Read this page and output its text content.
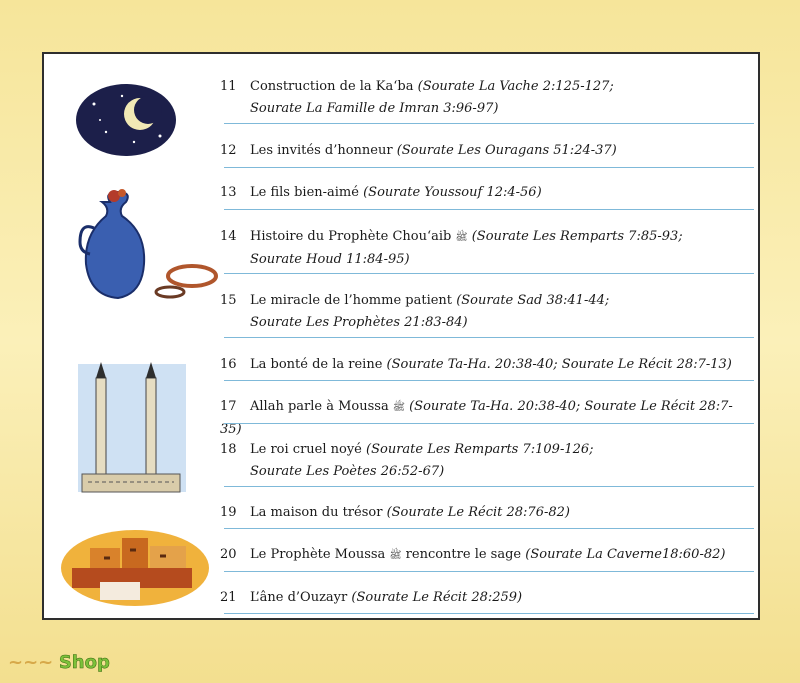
11 Construction de la Ka‘ba (Sourate La Vache 2:125-127;
Sourate La Famille de Imran 3:96-97)
12 Les invités d’honneur (Sourate Les Ouragans 51:24-37)
13 Le fils bien-aimé (Sourate Youssouf 12:4-56)
14 Histoire du Prophète Chou‘aib ﷺ (Sourate Les Remparts 7:85-93;
Sourate Houd 11:84-95)
15 Le miracle de l’homme patient (Sourate Sad 38:41-44;
Sourate Les Prophètes 21:83-84)
16 La bonté de la reine (Sourate Ta-Ha. 20:38-40; Sourate Le Récit 28:7-13)
17 Allah parle à Moussa ﷺ (Sourate Ta-Ha. 20:38-40; Sourate Le Récit 28:7-35)
18 Le roi cruel noyé (Sourate Les Remparts 7:109-126;
Sourate Les Poètes 26:52-67)
19 La maison du trésor (Sourate Le Récit 28:76-82)
20 Le Prophète Moussa ﷺ rencontre le sage (Sourate La Caverne18:60-82)
21 L’âne d’Ouzayr (Sourate Le Récit 28:259)
~~~ Shop
